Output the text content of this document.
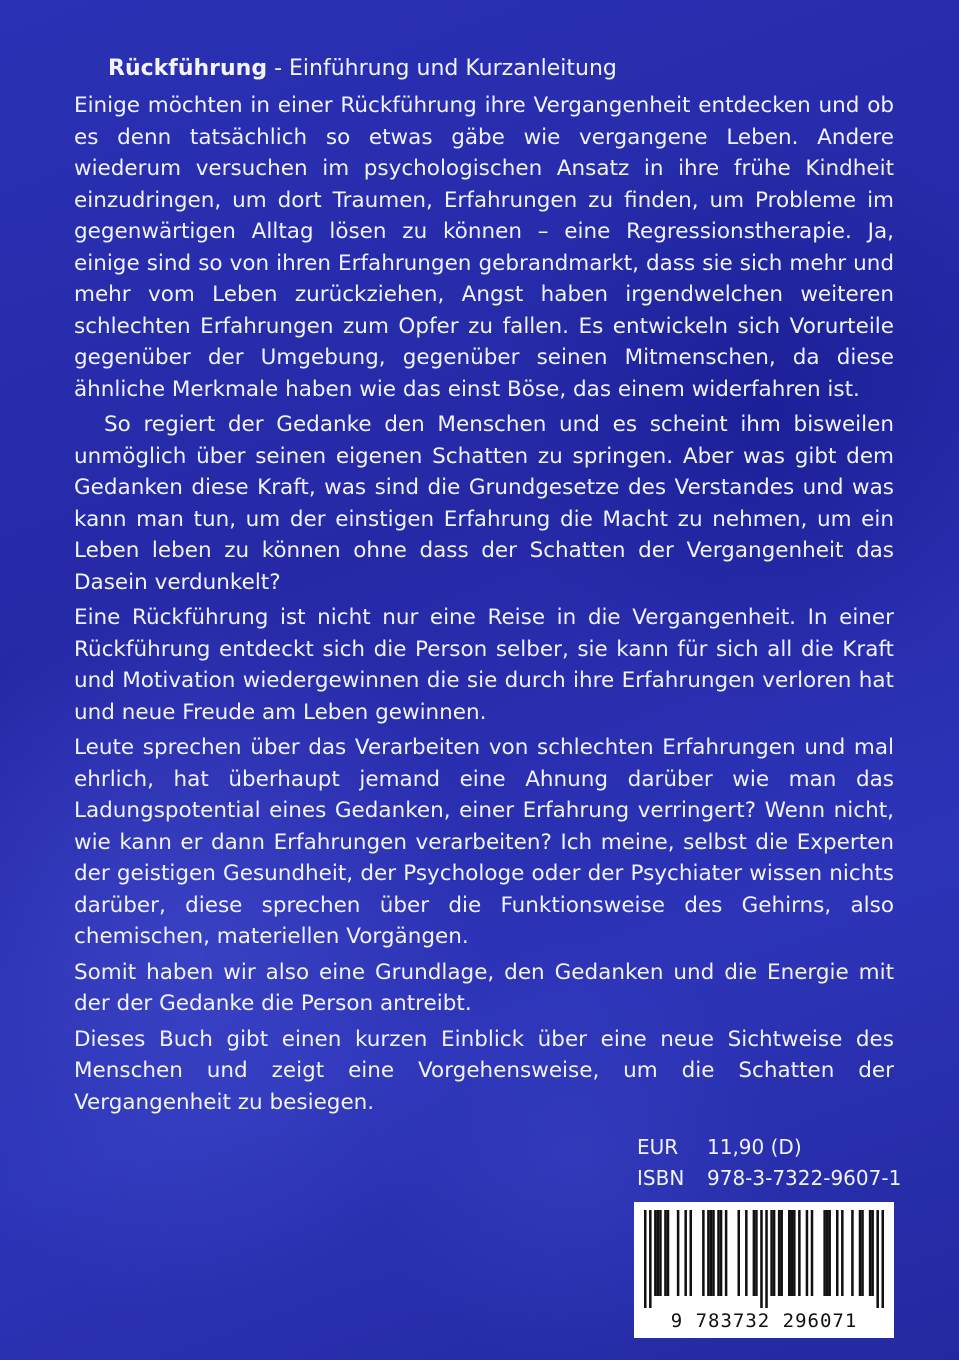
Rückführung - Einführung und Kurzanleitung

Einige möchten in einer Rückführung ihre Vergangenheit entdecken und ob es denn tatsächlich so etwas gäbe wie vergangene Leben. Andere wiederum versuchen im psychologischen Ansatz in ihre frühe Kindheit einzudringen, um dort Traumen, Erfahrungen zu finden, um Probleme im gegenwärtigen Alltag lösen zu können – eine Regressionstherapie. Ja, einige sind so von ihren Erfahrungen gebrandmarkt, dass sie sich mehr und mehr vom Leben zurückziehen, Angst haben irgendwelchen weiteren schlechten Erfahrungen zum Opfer zu fallen. Es entwickeln sich Vorurteile gegenüber der Umgebung, gegenüber seinen Mitmenschen, da diese ähnliche Merkmale haben wie das einst Böse, das einem widerfahren ist.

So regiert der Gedanke den Menschen und es scheint ihm bisweilen unmöglich über seinen eigenen Schatten zu springen. Aber was gibt dem Gedanken diese Kraft, was sind die Grundgesetze des Verstandes und was kann man tun, um der einstigen Erfahrung die Macht zu nehmen, um ein Leben leben zu können ohne dass der Schatten der Vergangenheit das Dasein verdunkelt?

Eine Rückführung ist nicht nur eine Reise in die Vergangenheit. In einer Rückführung entdeckt sich die Person selber, sie kann für sich all die Kraft und Motivation wiedergewinnen die sie durch ihre Erfahrungen verloren hat und neue Freude am Leben gewinnen.

Leute sprechen über das Verarbeiten von schlechten Erfahrungen und mal ehrlich, hat überhaupt jemand eine Ahnung darüber wie man das Ladungspotential eines Gedanken, einer Erfahrung verringert? Wenn nicht, wie kann er dann Erfahrungen verarbeiten? Ich meine, selbst die Experten der geistigen Gesundheit, der Psychologe oder der Psychiater wissen nichts darüber, diese sprechen über die Funktionsweise des Gehirns, also chemischen, materiellen Vorgängen.

Somit haben wir also eine Grundlage, den Gedanken und die Energie mit der der Gedanke die Person antreibt.

Dieses Buch gibt einen kurzen Einblick über eine neue Sichtweise des Menschen und zeigt eine Vorgehensweise, um die Schatten der Vergangenheit zu besiegen.

EUR 11,90 (D)
ISBN 978-3-7322-9607-1
9 783732 296071
